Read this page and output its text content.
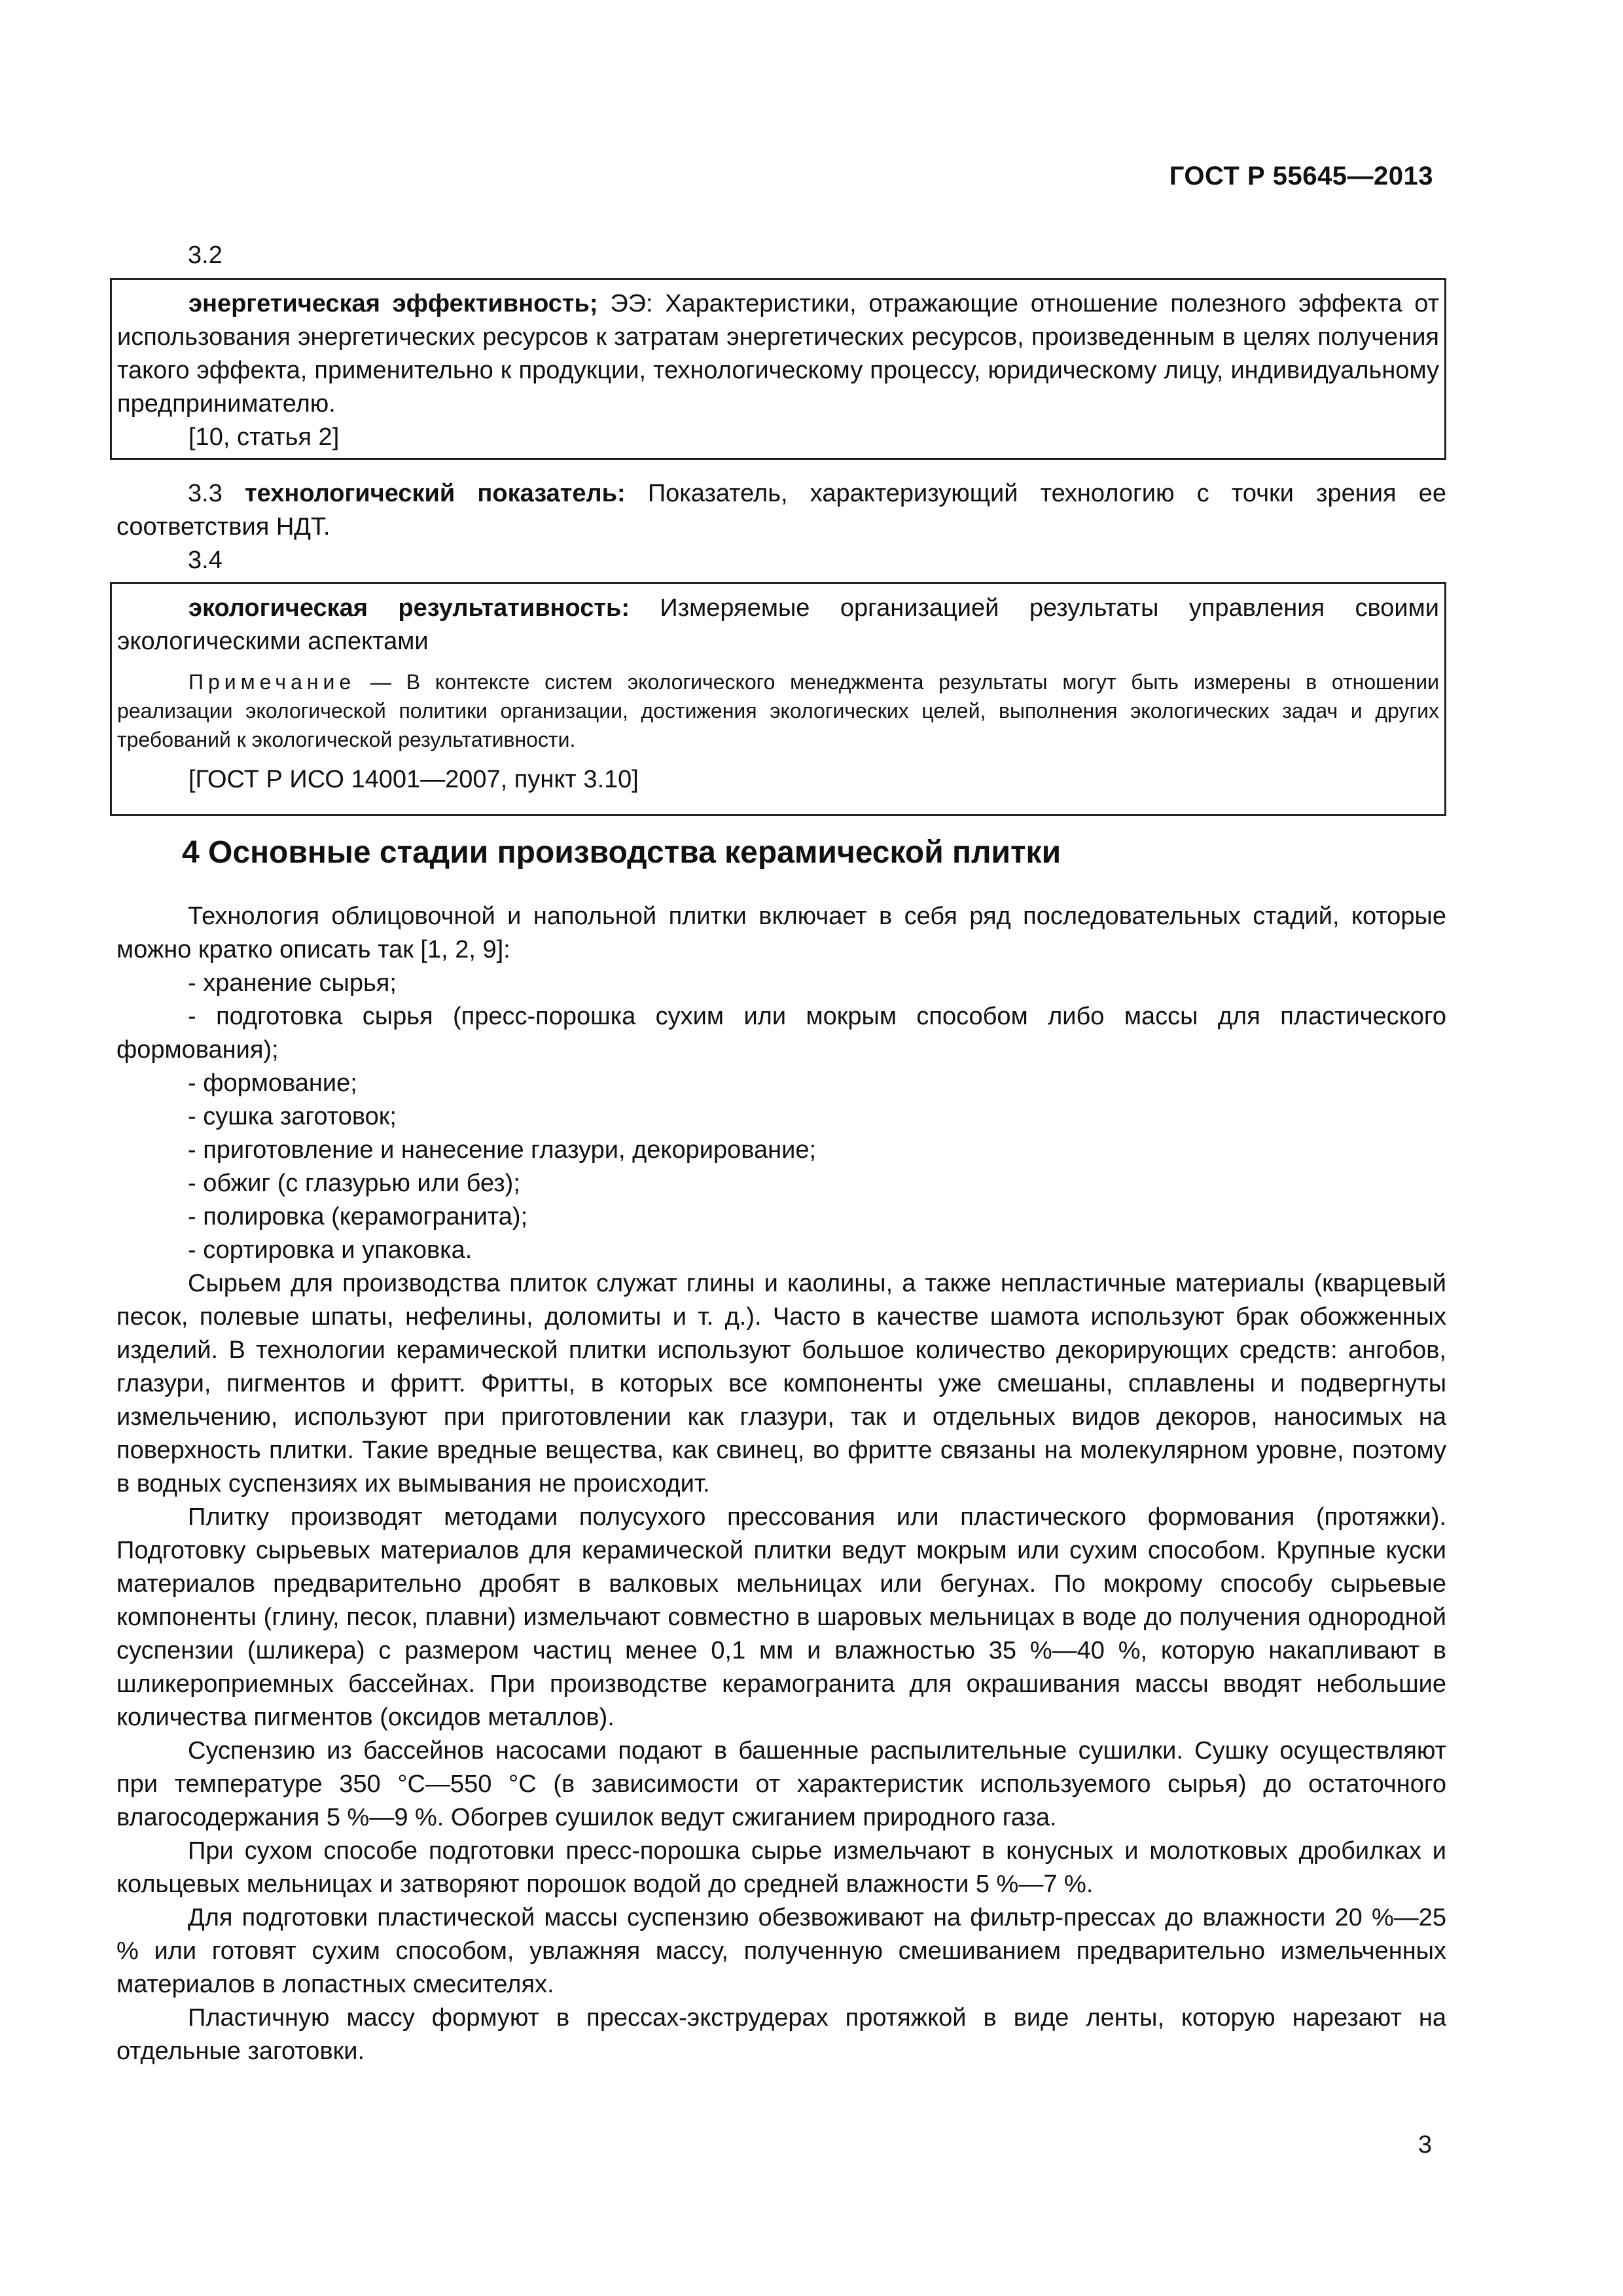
ГОСТ Р 55645—2013
3.2

энергетическая эффективность; ЭЭ: Характеристики, отражающие отношение полезного эффекта от использования энергетических ресурсов к затратам энергетических ресурсов, произведенным в целях получения такого эффекта, применительно к продукции, технологическому процессу, юридическому лицу, индивидуальному предпринимателю.

[10, статья 2]

3.3 технологический показатель: Показатель, характеризующий технологию с точки зрения ее соответствия НДТ.
3.4

экологическая результативность: Измеряемые организацией результаты управления своими экологическими аспектами

Примечание — В контексте систем экологического менеджмента результаты могут быть измерены в отношении реализации экологической политики организации, достижения экологических целей, выполнения экологических задач и других требований к экологической результативности.

[ГОСТ Р ИСО 14001—2007, пункт 3.10]

4 Основные стадии производства керамической плитки

Технология облицовочной и напольной плитки включает в себя ряд последовательных стадий, которые можно кратко описать так [1, 2, 9]:

- хранение сырья;

- подготовка сырья (пресс-порошка сухим или мокрым способом либо массы для пластического формования);

- формование;

- сушка заготовок;

- приготовление и нанесение глазури, декорирование;

- обжиг (с глазурью или без);

- полировка (керамогранита);

- сортировка и упаковка.

Сырьем для производства плиток служат глины и каолины, а также непластичные материалы (кварцевый песок, полевые шпаты, нефелины, доломиты и т. д.). Часто в качестве шамота используют брак обожженных изделий. В технологии керамической плитки используют большое количество декорирующих средств: ангобов, глазури, пигментов и фритт. Фритты, в которых все компоненты уже смешаны, сплавлены и подвергнуты измельчению, используют при приготовлении как глазури, так и отдельных видов декоров, наносимых на поверхность плитки. Такие вредные вещества, как свинец, во фритте связаны на молекулярном уровне, поэтому в водных суспензиях их вымывания не происходит.

Плитку производят методами полусухого прессования или пластического формования (протяжки). Подготовку сырьевых материалов для керамической плитки ведут мокрым или сухим способом. Крупные куски материалов предварительно дробят в валковых мельницах или бегунах. По мокрому способу сырьевые компоненты (глину, песок, плавни) измельчают совместно в шаровых мельницах в воде до получения однородной суспензии (шликера) с размером частиц менее 0,1 мм и влажностью 35 %—40 %, которую накапливают в шликероприемных бассейнах. При производстве керамогранита для окрашивания массы вводят небольшие количества пигментов (оксидов металлов).

Суспензию из бассейнов насосами подают в башенные распылительные сушилки. Сушку осуществляют при температуре 350 °С—550 °С (в зависимости от характеристик используемого сырья) до остаточного влагосодержания 5 %—9 %. Обогрев сушилок ведут сжиганием природного газа.

При сухом способе подготовки пресс-порошка сырье измельчают в конусных и молотковых дробилках и кольцевых мельницах и затворяют порошок водой до средней влажности 5 %—7 %.

Для подготовки пластической массы суспензию обезвоживают на фильтр-прессах до влажности 20 %—25 % или готовят сухим способом, увлажняя массу, полученную смешиванием предварительно измельченных материалов в лопастных смесителях.

Пластичную массу формуют в прессах-экструдерах протяжкой в виде ленты, которую нарезают на отдельные заготовки.

3
